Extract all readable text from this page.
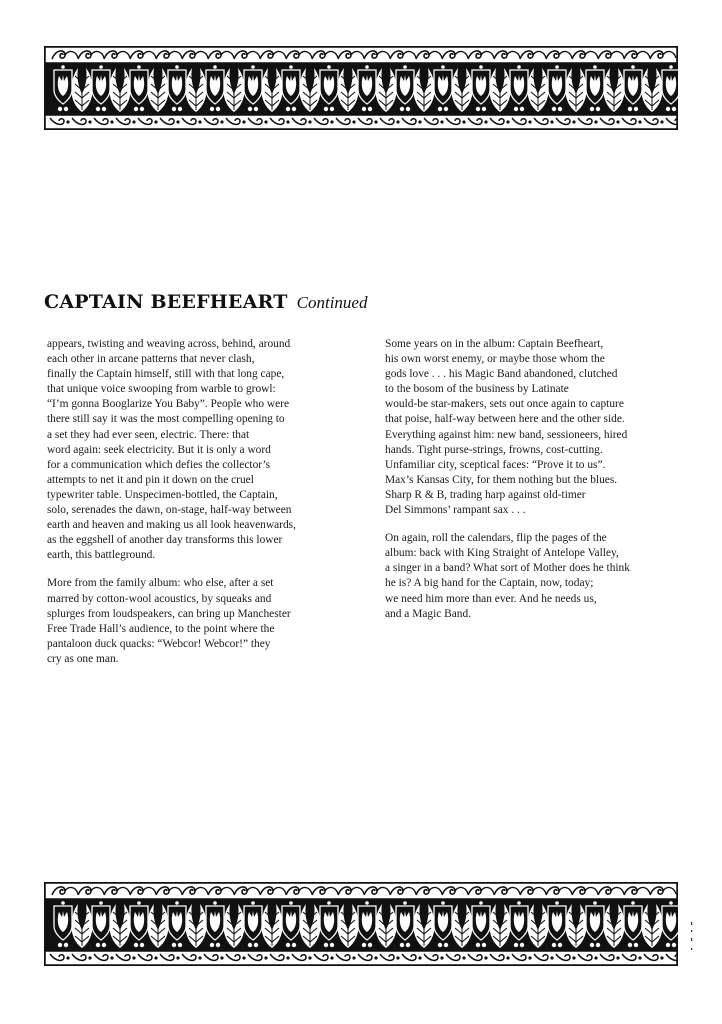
CAPTAIN BEEFHEART Continued
appears, twisting and weaving across, behind, around
each other in arcane patterns that never clash,
finally the Captain himself, still with that long cape,
that unique voice swooping from warble to growl:
“I’m gonna Booglarize You Baby”. People who were
there still say it was the most compelling opening to
a set they had ever seen, electric. There: that
word again: seek electricity. But it is only a word
for a communication which defies the collector’s
attempts to net it and pin it down on the cruel
typewriter table. Unspecimen-bottled, the Captain,
solo, serenades the dawn, on-stage, half-way between
earth and heaven and making us all look heavenwards,
as the eggshell of another day transforms this lower
earth, this battleground.
More from the family album: who else, after a set
marred by cotton-wool acoustics, by squeaks and
splurges from loudspeakers, can bring up Manchester
Free Trade Hall’s audience, to the point where the
pantaloon duck quacks: “Webcor! Webcor!” they
cry as one man.
Some years on in the album: Captain Beefheart,
his own worst enemy, or maybe those whom the
gods love . . . his Magic Band abandoned, clutched
to the bosom of the business by Latinate
would-be star-makers, sets out once again to capture
that poise, half-way between here and the other side.
Everything against him: new band, sessioneers, hired
hands. Tight purse-strings, frowns, cost-cutting.
Unfamiliar city, sceptical faces: “Prove it to us”.
Max’s Kansas City, for them nothing but the blues.
Sharp R & B, trading harp against old-timer
Del Simmons’ rampant sax . . .
On again, roll the calendars, flip the pages of the
album: back with King Straight of Antelope Valley,
a singer in a band? What sort of Mother does he think
he is? A big hand for the Captain, now, today;
we need him more than ever. And he needs us,
and a Magic Band.
